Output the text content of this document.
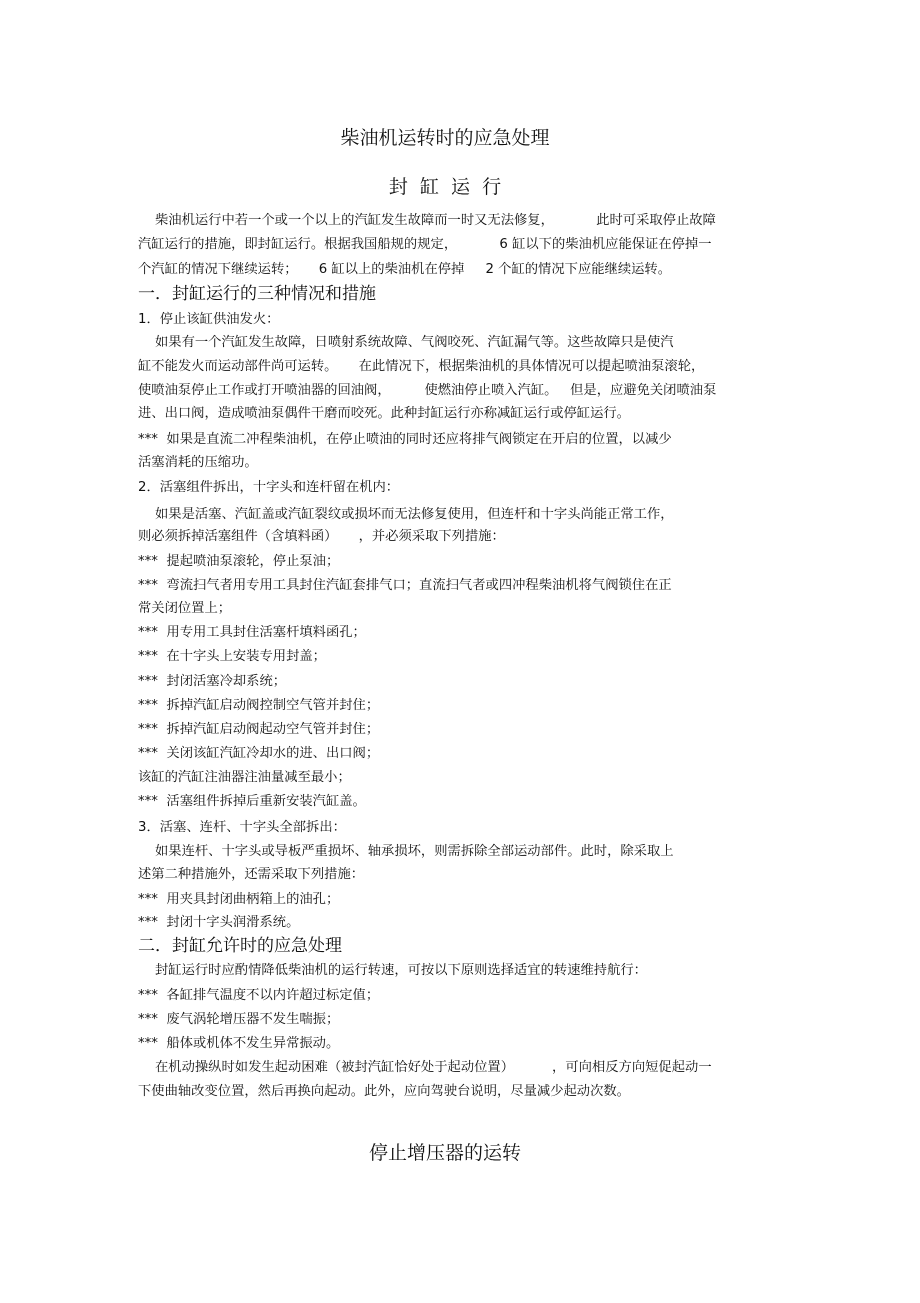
柴油机运转时的应急处理
封  缸  运  行
柴油机运行中若一个或一个以上的汽缸发生故障而一时又无法修复，          此时可采取停止故障
汽缸运行的措施，即封缸运行。根据我国船规的规定，          6 缸以下的柴油机应能保证在停掉一
个汽缸的情况下继续运转；     6 缸以上的柴油机在停掉     2 个缸的情况下应能继续运转。
一．封缸运行的三种情况和措施
1．停止该缸供油发火：
如果有一个汽缸发生故障，日喷射系统故障、气阀咬死、汽缸漏气等。这些故障只是使汽
缸不能发火而运动部件尚可运转。     在此情况下，根据柴油机的具体情况可以提起喷油泵滚轮，
使喷油泵停止工作或打开喷油器的回油阀，        使燃油停止喷入汽缸。   但是，应避免关闭喷油泵
进、出口阀，造成喷油泵偶件干磨而咬死。此种封缸运行亦称减缸运行或停缸运行。
***  如果是直流二冲程柴油机，在停止喷油的同时还应将排气阀锁定在开启的位置，以减少
活塞消耗的压缩功。
2．活塞组件拆出，十字头和连杆留在机内：
如果是活塞、汽缸盖或汽缸裂纹或损坏而无法修复使用，但连杆和十字头尚能正常工作，
则必须拆掉活塞组件（含填料函）     ，并必须采取下列措施：
***  提起喷油泵滚轮，停止泵油；
***  弯流扫气者用专用工具封住汽缸套排气口；直流扫气者或四冲程柴油机将气阀锁住在正
常关闭位置上；
***  用专用工具封住活塞杆填料函孔；
***  在十字头上安装专用封盖；
***  封闭活塞冷却系统；
***  拆掉汽缸启动阀控制空气管并封住；
***  拆掉汽缸启动阀起动空气管并封住；
***  关闭该缸汽缸冷却水的进、出口阀；
该缸的汽缸注油器注油量减至最小；
***  活塞组件拆掉后重新安装汽缸盖。
3．活塞、连杆、十字头全部拆出：
如果连杆、十字头或导板严重损坏、轴承损坏，则需拆除全部运动部件。此时，除采取上
述第二种措施外，还需采取下列措施：
***  用夹具封闭曲柄箱上的油孔；
***  封闭十字头润滑系统。
二．封缸允许时的应急处理
封缸运行时应酌情降低柴油机的运行转速，可按以下原则选择适宜的转速维持航行：
***  各缸排气温度不以内许超过标定值；
***  废气涡轮增压器不发生喘振；
***  船体或机体不发生异常振动。
在机动操纵时如发生起动困难（被封汽缸恰好处于起动位置）         ，可向相反方向短促起动一
下使曲轴改变位置，然后再换向起动。此外，应向驾驶台说明，尽量减少起动次数。
停止增压器的运转
